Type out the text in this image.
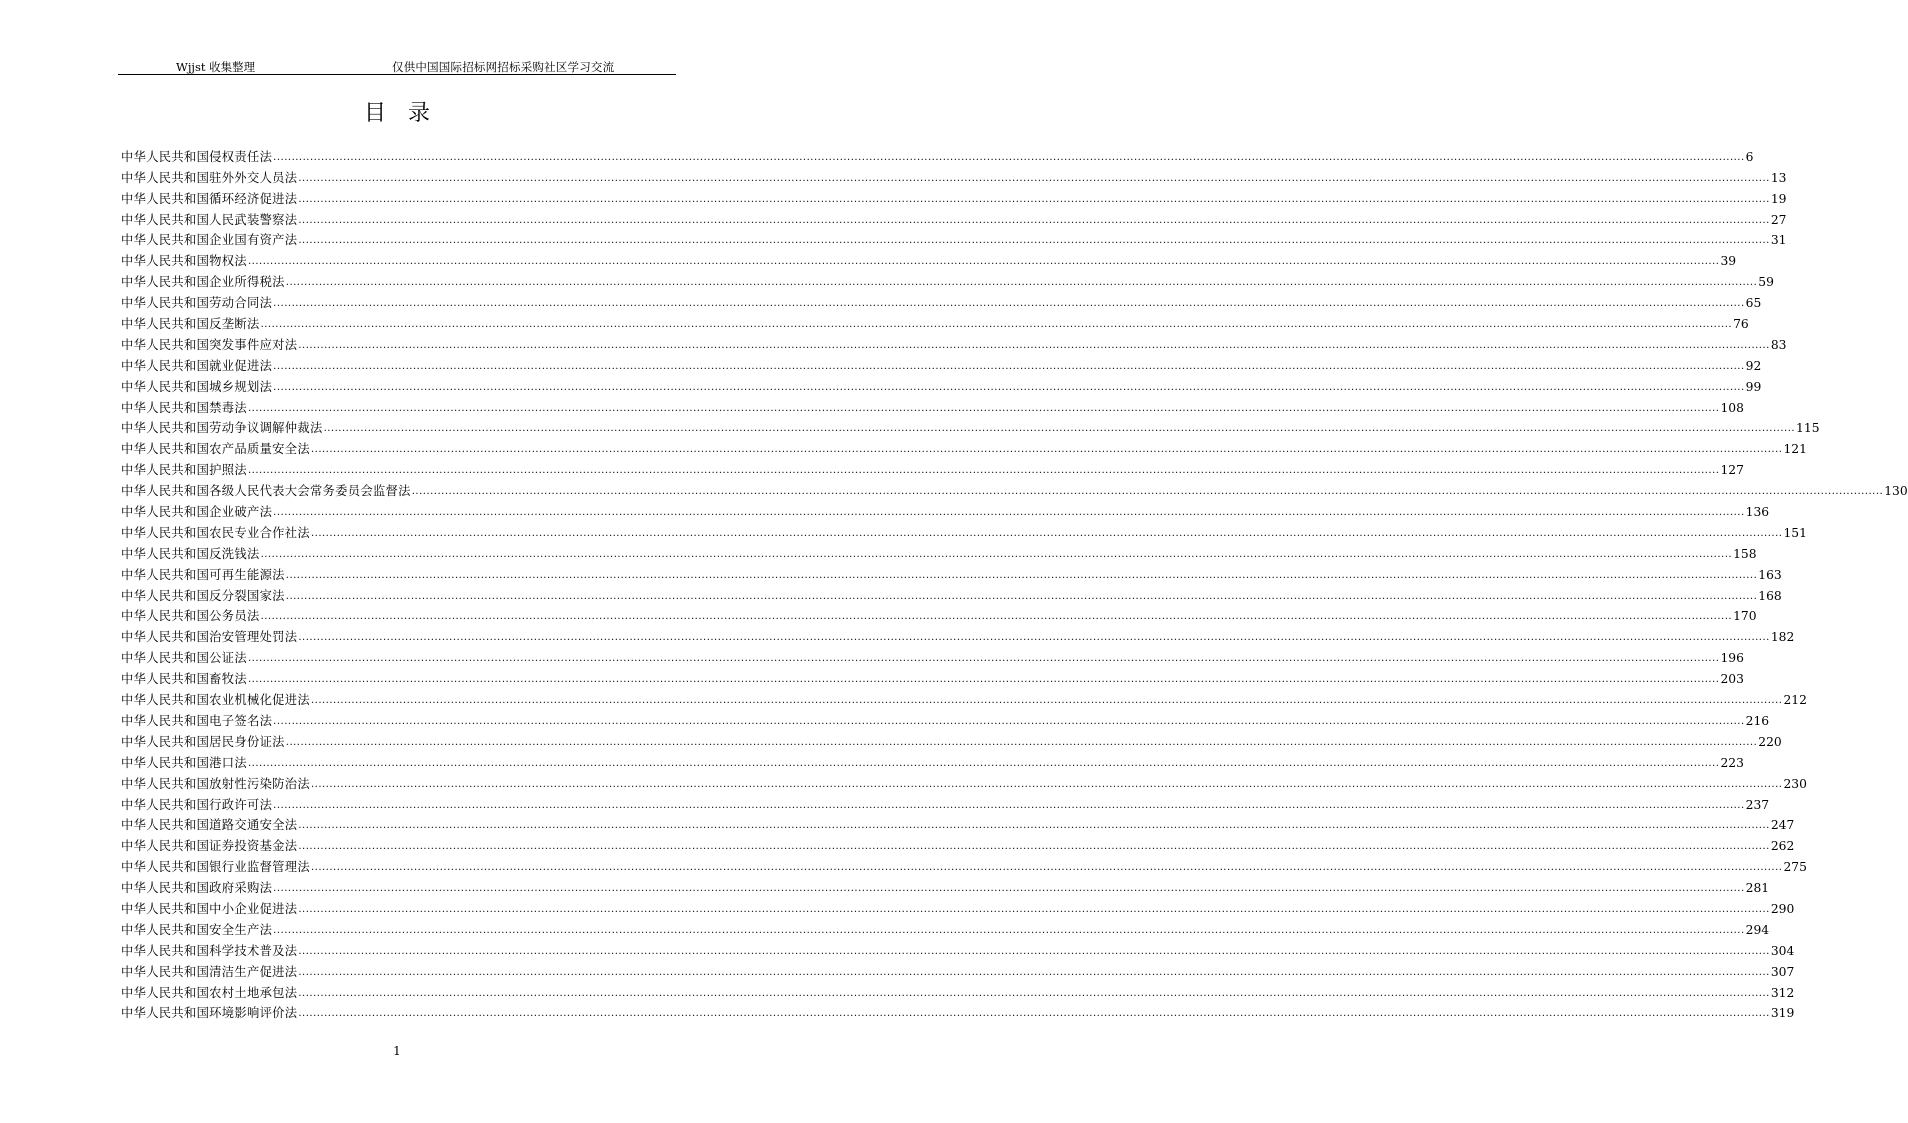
Wjjst 收集整理	仅供中国国际招标网招标采购社区学习交流
目录
中华人民共和国侵权责任法 ................................................................................................................................................................................................................................................................................................................................................................................................................ 6
中华人民共和国驻外外交人员法 ................................................................................................................................................................................................................................................................................................................................................................................................................ 13
中华人民共和国循环经济促进法 ................................................................................................................................................................................................................................................................................................................................................................................................................ 19
中华人民共和国人民武装警察法 ................................................................................................................................................................................................................................................................................................................................................................................................................ 27
中华人民共和国企业国有资产法 ................................................................................................................................................................................................................................................................................................................................................................................................................ 31
中华人民共和国物权法 ................................................................................................................................................................................................................................................................................................................................................................................................................ 39
中华人民共和国企业所得税法 ................................................................................................................................................................................................................................................................................................................................................................................................................ 59
中华人民共和国劳动合同法 ................................................................................................................................................................................................................................................................................................................................................................................................................ 65
中华人民共和国反垄断法 ................................................................................................................................................................................................................................................................................................................................................................................................................ 76
中华人民共和国突发事件应对法 ................................................................................................................................................................................................................................................................................................................................................................................................................ 83
中华人民共和国就业促进法 ................................................................................................................................................................................................................................................................................................................................................................................................................ 92
中华人民共和国城乡规划法 ................................................................................................................................................................................................................................................................................................................................................................................................................ 99
中华人民共和国禁毒法 ................................................................................................................................................................................................................................................................................................................................................................................................................ 108
中华人民共和国劳动争议调解仲裁法 ................................................................................................................................................................................................................................................................................................................................................................................................................ 115
中华人民共和国农产品质量安全法 ................................................................................................................................................................................................................................................................................................................................................................................................................ 121
中华人民共和国护照法 ................................................................................................................................................................................................................................................................................................................................................................................................................ 127
中华人民共和国各级人民代表大会常务委员会监督法 ................................................................................................................................................................................................................................................................................................................................................................................................................ 130
中华人民共和国企业破产法 ................................................................................................................................................................................................................................................................................................................................................................................................................ 136
中华人民共和国农民专业合作社法 ................................................................................................................................................................................................................................................................................................................................................................................................................ 151
中华人民共和国反洗钱法 ................................................................................................................................................................................................................................................................................................................................................................................................................ 158
中华人民共和国可再生能源法 ................................................................................................................................................................................................................................................................................................................................................................................................................ 163
中华人民共和国反分裂国家法 ................................................................................................................................................................................................................................................................................................................................................................................................................ 168
中华人民共和国公务员法 ................................................................................................................................................................................................................................................................................................................................................................................................................ 170
中华人民共和国治安管理处罚法 ................................................................................................................................................................................................................................................................................................................................................................................................................ 182
中华人民共和国公证法 ................................................................................................................................................................................................................................................................................................................................................................................................................ 196
中华人民共和国畜牧法 ................................................................................................................................................................................................................................................................................................................................................................................................................ 203
中华人民共和国农业机械化促进法 ................................................................................................................................................................................................................................................................................................................................................................................................................ 212
中华人民共和国电子签名法 ................................................................................................................................................................................................................................................................................................................................................................................................................ 216
中华人民共和国居民身份证法 ................................................................................................................................................................................................................................................................................................................................................................................................................ 220
中华人民共和国港口法 ................................................................................................................................................................................................................................................................................................................................................................................................................ 223
中华人民共和国放射性污染防治法 ................................................................................................................................................................................................................................................................................................................................................................................................................ 230
中华人民共和国行政许可法 ................................................................................................................................................................................................................................................................................................................................................................................................................ 237
中华人民共和国道路交通安全法 ................................................................................................................................................................................................................................................................................................................................................................................................................ 247
中华人民共和国证券投资基金法 ................................................................................................................................................................................................................................................................................................................................................................................................................ 262
中华人民共和国银行业监督管理法 ................................................................................................................................................................................................................................................................................................................................................................................................................ 275
中华人民共和国政府采购法 ................................................................................................................................................................................................................................................................................................................................................................................................................ 281
中华人民共和国中小企业促进法 ................................................................................................................................................................................................................................................................................................................................................................................................................ 290
中华人民共和国安全生产法 ................................................................................................................................................................................................................................................................................................................................................................................................................ 294
中华人民共和国科学技术普及法 ................................................................................................................................................................................................................................................................................................................................................................................................................ 304
中华人民共和国清洁生产促进法 ................................................................................................................................................................................................................................................................................................................................................................................................................ 307
中华人民共和国农村土地承包法 ................................................................................................................................................................................................................................................................................................................................................................................................................ 312
中华人民共和国环境影响评价法 ................................................................................................................................................................................................................................................................................................................................................................................................................ 319
1
